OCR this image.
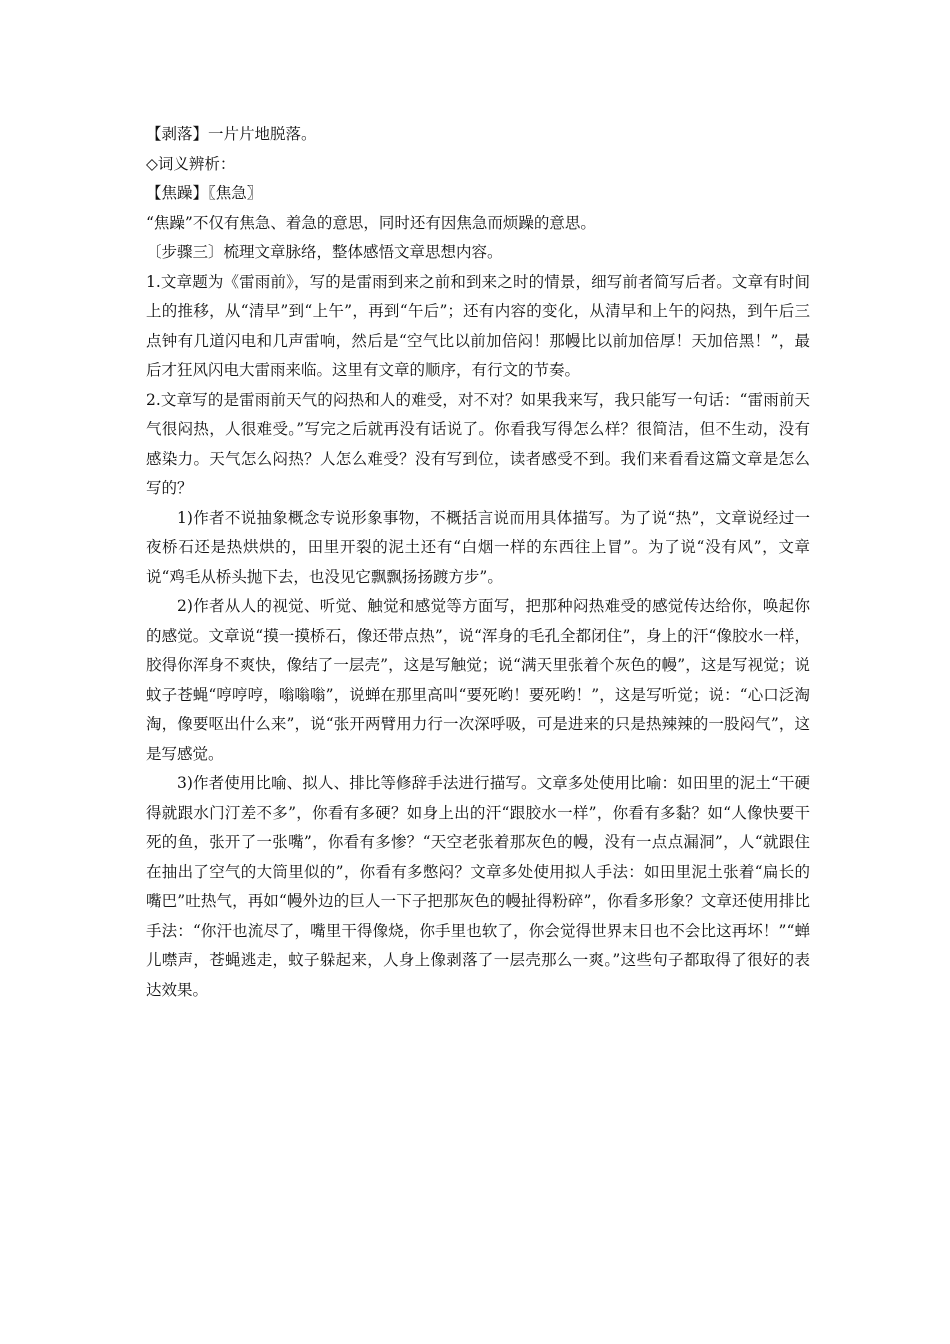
【剥落】一片片地脱落。

◇词义辨析：

【焦躁】〖焦急〗

“焦躁”不仅有焦急、着急的意思，同时还有因焦急而烦躁的意思。

〔步骤三〕梳理文章脉络，整体感悟文章思想内容。

1.文章题为《雷雨前》，写的是雷雨到来之前和到来之时的情景，细写前者简写后者。文章有时间上的推移，从“清早”到“上午”，再到“午后”；还有内容的变化，从清早和上午的闷热，到午后三点钟有几道闪电和几声雷响，然后是“空气比以前加倍闷！那幔比以前加倍厚！天加倍黑！”，最后才狂风闪电大雷雨来临。这里有文章的顺序，有行文的节奏。

2.文章写的是雷雨前天气的闷热和人的难受，对不对？如果我来写，我只能写一句话：“雷雨前天气很闷热，人很难受。”写完之后就再没有话说了。你看我写得怎么样？很简洁，但不生动，没有感染力。天气怎么闷热？人怎么难受？没有写到位，读者感受不到。我们来看看这篇文章是怎么写的？

1)作者不说抽象概念专说形象事物，不概括言说而用具体描写。为了说“热”，文章说经过一夜桥石还是热烘烘的，田里开裂的泥土还有“白烟一样的东西往上冒”。为了说“没有风”，文章说“鸡毛从桥头抛下去，也没见它飘飘扬扬踱方步”。

2)作者从人的视觉、听觉、触觉和感觉等方面写，把那种闷热难受的感觉传达给你，唤起你的感觉。文章说“摸一摸桥石，像还带点热”，说“浑身的毛孔全都闭住”，身上的汗“像胶水一样，胶得你浑身不爽快，像结了一层壳”，这是写触觉；说“满天里张着个灰色的幔”，这是写视觉；说蚊子苍蝇“哼哼哼，嗡嗡嗡”，说蝉在那里高叫“要死哟！要死哟！”，这是写听觉；说：“心口泛淘淘，像要呕出什么来”，说“张开两臂用力行一次深呼吸，可是进来的只是热辣辣的一股闷气”，这是写感觉。

3)作者使用比喻、拟人、排比等修辞手法进行描写。文章多处使用比喻：如田里的泥土“干硬得就跟水门汀差不多”，你看有多硬？如身上出的汗“跟胶水一样”，你看有多黏？如“人像快要干死的鱼，张开了一张嘴”，你看有多惨？“天空老张着那灰色的幔，没有一点点漏洞”，人“就跟住在抽出了空气的大筒里似的”，你看有多憋闷？文章多处使用拟人手法：如田里泥土张着“扁长的嘴巴”吐热气，再如“幔外边的巨人一下子把那灰色的幔扯得粉碎”，你看多形象？文章还使用排比手法：“你汗也流尽了，嘴里干得像烧，你手里也软了，你会觉得世界末日也不会比这再坏！”“蝉儿噤声，苍蝇逃走，蚊子躲起来，人身上像剥落了一层壳那么一爽。”这些句子都取得了很好的表达效果。
